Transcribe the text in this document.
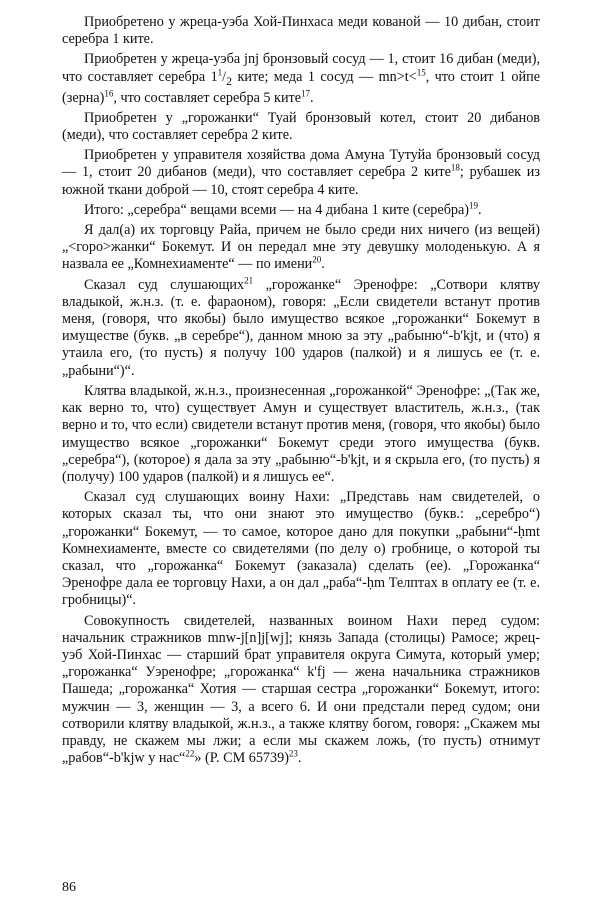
Приобретено у жреца-уэба Хой-Пинхаса меди кованой — 10 дибан, стоит серебра 1 ките.

Приобретен у жреца-уэба jnj бронзовый сосуд — 1, стоит 16 дибан (меди), что составляет серебра $1^1/_2$ ките; меда 1 сосуд — mn>t<$^{15}$, что стоит 1 ойпе (зерна)$^{16}$, что составляет серебра 5 ките$^{17}$.

Приобретен у „горожанки“ Туай бронзовый котел, стоит 20 дибанов (меди), что составляет серебра 2 ките.

Приобретен у управителя хозяйства дома Амуна Тутуйа бронзовый сосуд — 1, стоит 20 дибанов (меди), что составляет серебра 2 ките$^{18}$; рубашек из южной ткани доброй — 10, стоят серебра 4 ките.

Итого: „серебра“ вещами всеми — на 4 дибана 1 ките (серебра)$^{19}$.

Я дал(а) их торговцу Райа, причем не было среди них ничего (из вещей) „<горо>жанки“ Бокемут. И он передал мне эту девушку молоденькую. А я назвала ее „Комнехиаменте“ — по имени$^{20}$.

Сказал суд слушающих$^{21}$ „горожанке“ Эренофре: „Сотвори клятву владыкой, ж.н.з. (т. е. фараоном), говоря: „Если свидетели встанут против меня, (говоря, что якобы) было имущество всякое „горожанки“ Бокемут в имуществе (букв. „в серебре“), данном мною за эту „рабыню“-b'kjt, и (что) я утаила его, (то пусть) я получу 100 ударов (палкой) и я лишусь ее (т. е. „рабыни“)“.

Клятва владыкой, ж.н.з., произнесенная „горожанкой“ Эренофре: „(Так же, как верно то, что) существует Амун и существует властитель, ж.н.з., (так верно и то, что если) свидетели встанут против меня, (говоря, что якобы) было имущество всякое „горожанки“ Бокемут среди этого имущества (букв. „серебра“), (которое) я дала за эту „рабыню“-b'kjt, и я скрыла его, (то пусть) я (получу) 100 ударов (палкой) и я лишусь ее“.

Сказал суд слушающих воину Нахи: „Представь нам свидетелей, о которых сказал ты, что они знают это имущество (букв.: „серебро“) „горожанки“ Бокемут, — то самое, которое дано для покупки „рабыни“-ḥmt Комнехиаменте, вместе со свидетелями (по делу о) гробнице, о которой ты сказал, что „горожанка“ Бокемут (заказала) сделать (ее). „Горожанка“ Эренофре дала ее торговцу Нахи, а он дал „раба“-ḥm Телптах в оплату ее (т. е. гробницы)“.

Совокупность свидетелей, названных воином Нахи перед судом: начальник стражников mnw-j[n]j[wj]; князь Запада (столицы) Рамосе; жрец-уэб Хой-Пинхас — старший брат управителя округа Симута, который умер; „горожанка“ Уэренофре; „горожанка“ k'fj — жена начальника стражников Пашеда; „горожанка“ Хотия — старшая сестра „горожанки“ Бокемут, итого: мужчин — 3, женщин — 3, а всего 6. И они предстали перед судом; они сотворили клятву владыкой, ж.н.з., а также клятву богом, говоря: „Скажем мы правду, не скажем мы лжи; а если мы скажем ложь, (то пусть) отнимут „рабов“-b'kjw у нас“$^{22}$» (P. CM 65739)$^{23}$.

86
